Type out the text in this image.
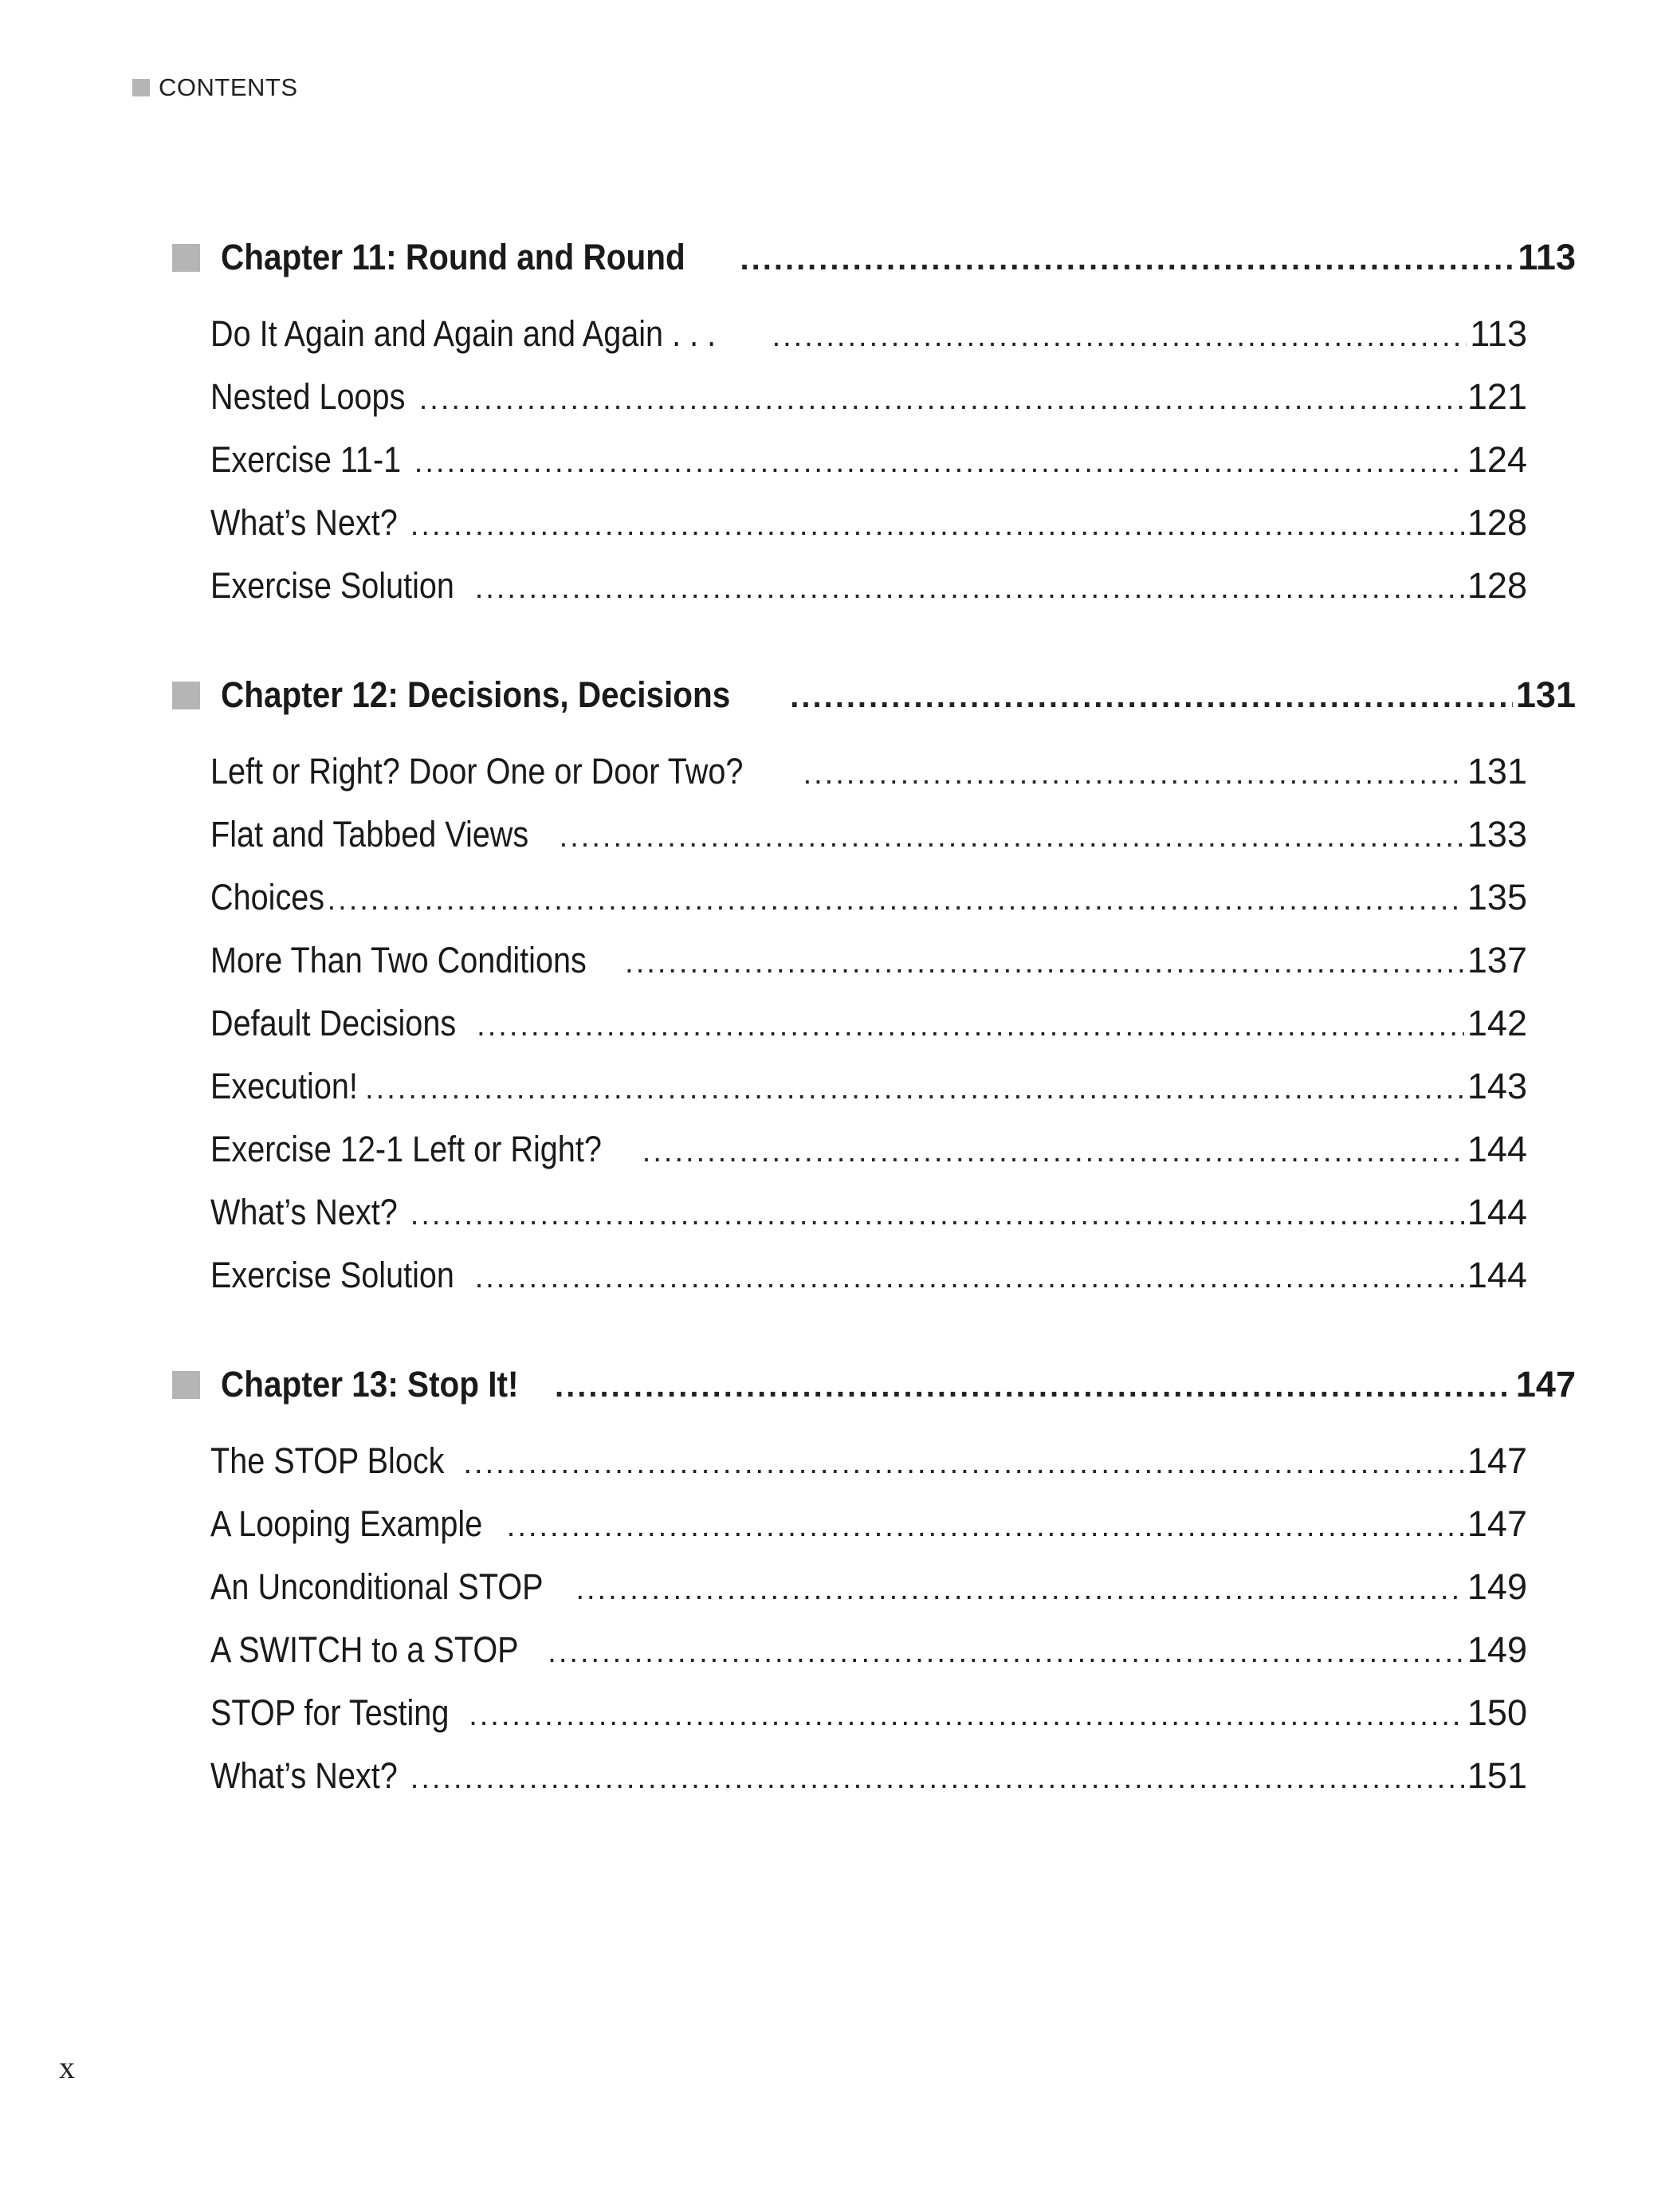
CONTENTS
Chapter 11: Round and Round .....	113
Do It Again and Again and Again . . . .....	113
Nested Loops .....	121
Exercise 11-1 .....	124
What’s Next? .....	128
Exercise Solution .....	128
Chapter 12: Decisions, Decisions .....	131
Left or Right? Door One or Door Two? .....	131
Flat and Tabbed Views .....	133
Choices .....	135
More Than Two Conditions .....	137
Default Decisions .....	142
Execution! .....	143
Exercise 12-1 Left or Right? .....	144
What’s Next? .....	144
Exercise Solution .....	144
Chapter 13: Stop It! .....	147
The STOP Block .....	147
A Looping Example .....	147
An Unconditional STOP .....	149
A SWITCH to a STOP .....	149
STOP for Testing .....	150
What’s Next? .....	151
x
